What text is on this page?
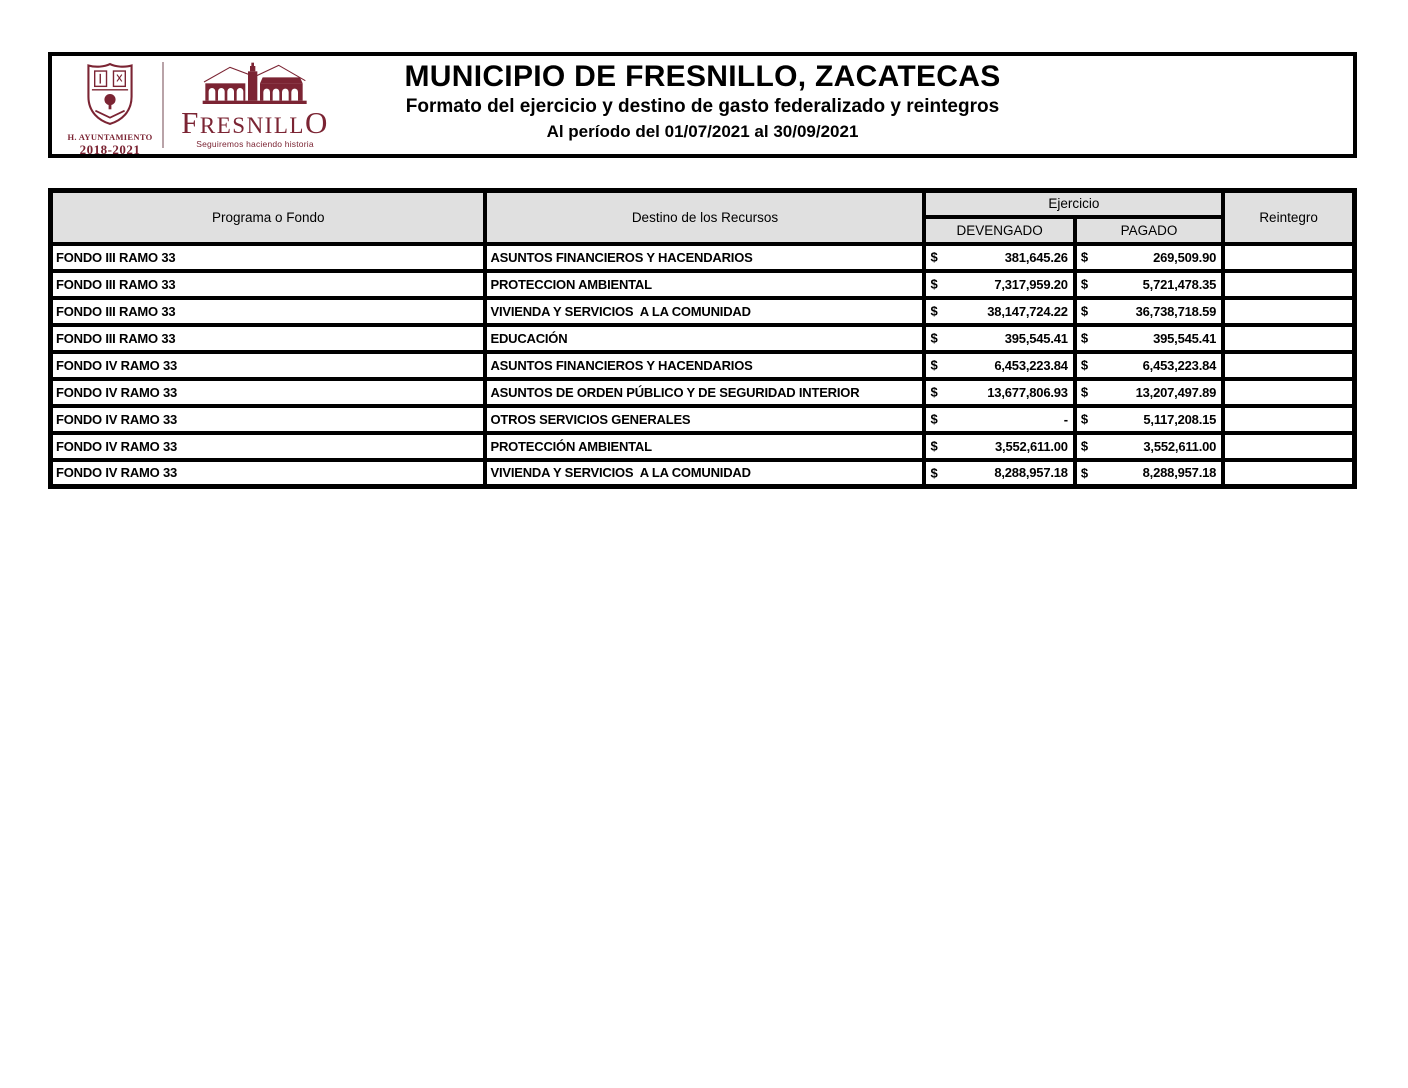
H. AYUNTAMIENTO
2018-2021
FRESNILLO
Seguiremos haciendo historia
MUNICIPIO DE FRESNILLO, ZACATECAS
Formato del ejercicio y destino de gasto federalizado y reintegros
Al período del 01/07/2021 al 30/09/2021
Programa o Fondo	Destino de los Recursos	Ejercicio		Reintegro
		DEVENGADO	PAGADO	
FONDO III RAMO 33	ASUNTOS FINANCIEROS Y HACENDARIOS	$ 381,645.26	$ 269,509.90	
FONDO III RAMO 33	PROTECCION AMBIENTAL	$ 7,317,959.20	$ 5,721,478.35	
FONDO III RAMO 33	VIVIENDA Y SERVICIOS  A LA COMUNIDAD	$ 38,147,724.22	$ 36,738,718.59	
FONDO III RAMO 33	EDUCACIÓN	$ 395,545.41	$ 395,545.41	
FONDO IV RAMO 33	ASUNTOS FINANCIEROS Y HACENDARIOS	$ 6,453,223.84	$ 6,453,223.84	
FONDO IV RAMO 33	ASUNTOS DE ORDEN PÚBLICO Y DE SEGURIDAD INTERIOR	$ 13,677,806.93	$ 13,207,497.89	
FONDO IV RAMO 33	OTROS SERVICIOS GENERALES	$ -	$ 5,117,208.15	
FONDO IV RAMO 33	PROTECCIÓN AMBIENTAL	$ 3,552,611.00	$ 3,552,611.00	
FONDO IV RAMO 33	VIVIENDA Y SERVICIOS  A LA COMUNIDAD	$ 8,288,957.18	$ 8,288,957.18	
